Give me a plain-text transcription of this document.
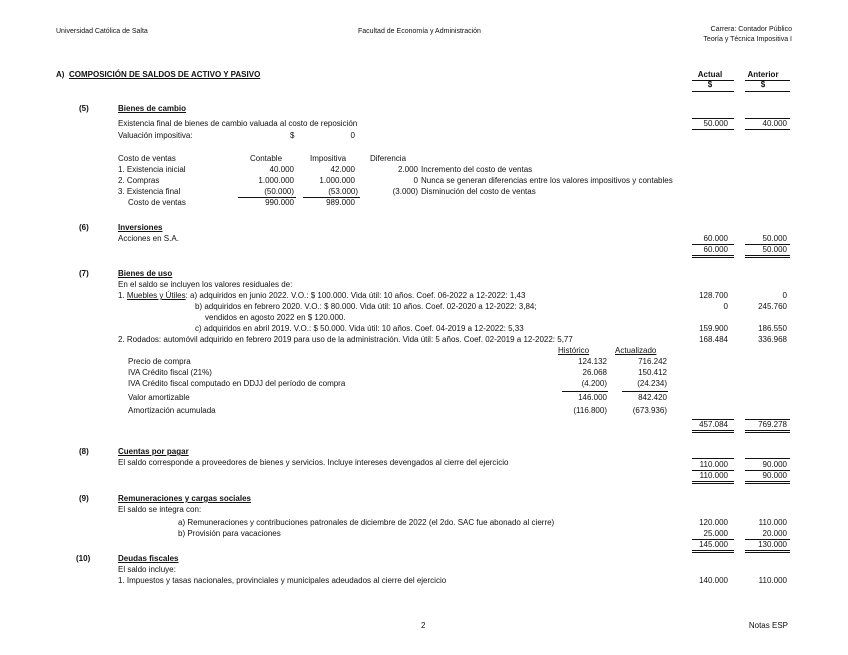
Universidad Católica de Salta	Facultad de Economía y Administración	Carrera: Contador Público
Teoría y Técnica Impositiva I
A) COMPOSICIÓN DE SALDOS DE ACTIVO Y PASIVO	Actual	Anterior
$	$
(5)	Bienes de cambio
Existencia final de bienes de cambio valuada al costo de reposición	50.000	40.000
Valuación impositiva:	$	0
Costo de ventas	Contable	Impositiva	Diferencia
1. Existencia inicial	40.000	42.000	2.000 Incremento del costo de ventas
2. Compras	1.000.000	1.000.000	0 Nunca se generan diferencias entre los valores impositivos y contables
3. Existencia final	(50.000)	(53.000)	(3.000) Disminución del costo de ventas
Costo de ventas	990.000	989.000
(6)	Inversiones
Acciones en S.A.	60.000	50.000
60.000	50.000
(7)	Bienes de uso
En el saldo se incluyen los valores residuales de:
1. Muebles y Útiles: a) adquiridos en junio 2022. V.O.: $ 100.000. Vida útil: 10 años. Coef. 06-2022 a 12-2022: 1,43	128.700	0
b) adquiridos en febrero 2020. V.O.: $ 80.000. Vida útil: 10 años. Coef. 02-2020 a 12-2022: 3,84;	0	245.760
vendidos en agosto 2022 en $ 120.000.
c) adquiridos en abril 2019. V.O.: $ 50.000. Vida útil: 10 años. Coef. 04-2019 a 12-2022: 5,33	159.900	186.550
2. Rodados: automóvil adquirido en febrero 2019 para uso de la administración. Vida útil: 5 años. Coef. 02-2019 a 12-2022: 5,77	168.484	336.968
Histórico	Actualizado
Precio de compra	124.132	716.242
IVA Crédito fiscal (21%)	26.068	150.412
IVA Crédito fiscal computado en DDJJ del período de compra	(4.200)	(24.234)
Valor amortizable	146.000	842.420
Amortización acumulada	(116.800)	(673.936)
457.084	769.278
(8)	Cuentas por pagar
El saldo corresponde a proveedores de bienes y servicios. Incluye intereses devengados al cierre del ejercicio	110.000	90.000
110.000	90.000
(9)	Remuneraciones y cargas sociales
El saldo se integra con:
a) Remuneraciones y contribuciones patronales de diciembre de 2022 (el 2do. SAC fue abonado al cierre)	120.000	110.000
b) Provisión para vacaciones	25.000	20.000
145.000	130.000
(10)	Deudas fiscales
El saldo incluye:
1. Impuestos y tasas nacionales, provinciales y municipales adeudados al cierre del ejercicio	140.000	110.000
2	Notas ESP
